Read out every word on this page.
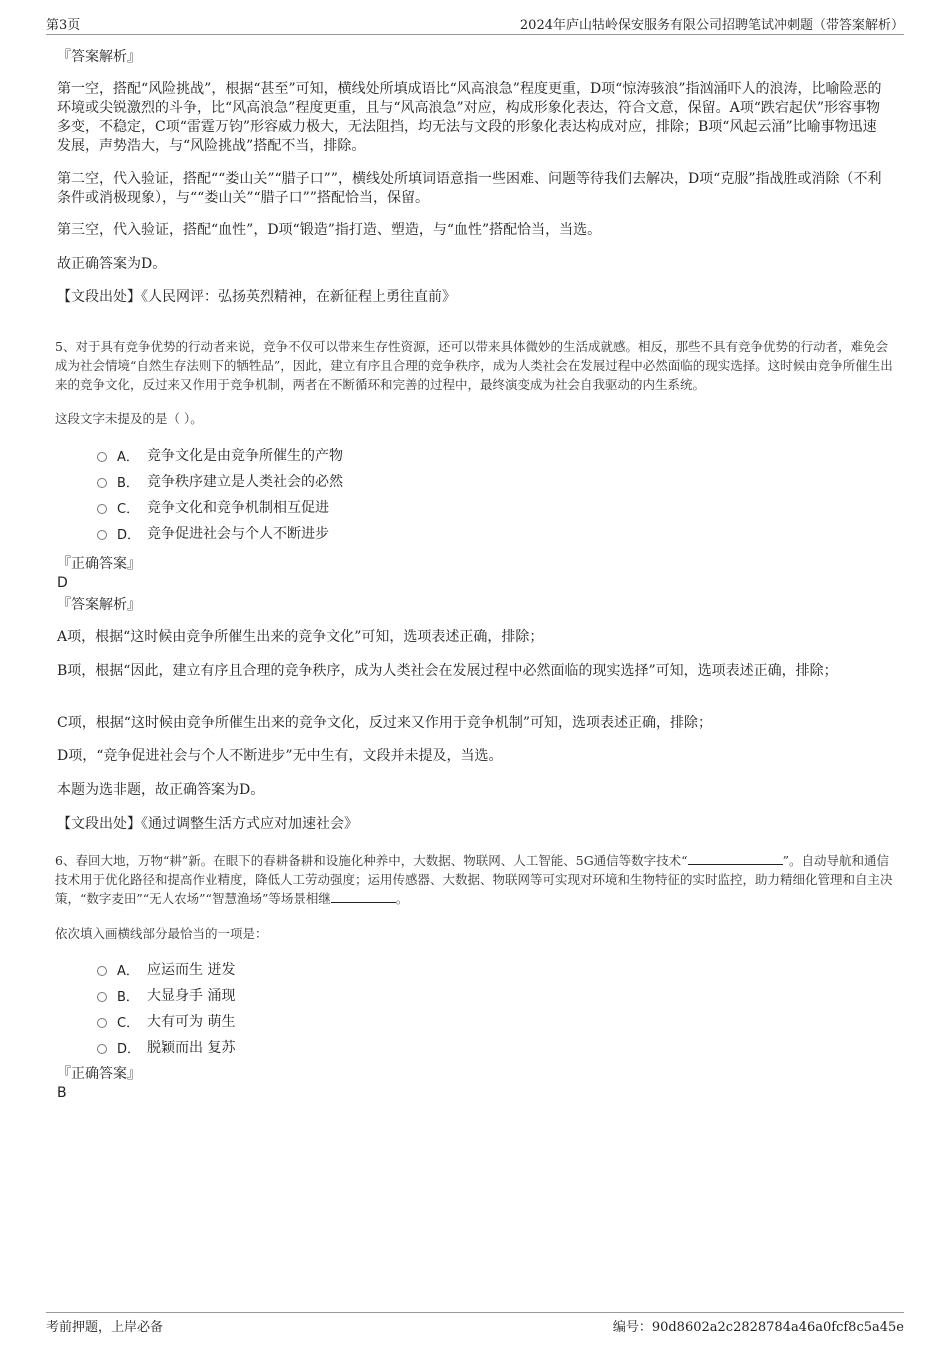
第3页	2024年庐山牯岭保安服务有限公司招聘笔试冲刺题（带答案解析）
『答案解析』
第一空，搭配“风险挑战”，根据“甚至”可知，横线处所填成语比“风高浪急”程度更重，D项“惊涛骇浪”指汹涌吓人的浪涛，比喻险恶的环境或尖锐激烈的斗争，比“风高浪急”程度更重，且与“风高浪急”对应，构成形象化表达，符合文意，保留。A项“跌宕起伏”形容事物多变，不稳定，C项“雷霆万钧”形容威力极大，无法阻挡，均无法与文段的形象化表达构成对应，排除；B项“风起云涌”比喻事物迅速发展，声势浩大，与“风险挑战”搭配不当，排除。
第二空，代入验证，搭配““娄山关”“腊子口””，横线处所填词语意指一些困难、问题等待我们去解决，D项“克服”指战胜或消除（不利条件或消极现象），与““娄山关”“腊子口””搭配恰当，保留。
第三空，代入验证，搭配“血性”，D项“锻造”指打造、塑造，与“血性”搭配恰当，当选。
故正确答案为D。
【文段出处】《人民网评：弘扬英烈精神，在新征程上勇往直前》
5、对于具有竞争优势的行动者来说，竞争不仅可以带来生存性资源，还可以带来具体微妙的生活成就感。相反，那些不具有竞争优势的行动者，难免会成为社会情境“自然生存法则下的牺牲品”，因此，建立有序且合理的竞争秩序，成为人类社会在发展过程中必然面临的现实选择。这时候由竞争所催生出来的竞争文化，反过来又作用于竞争机制，两者在不断循环和完善的过程中，最终演变成为社会自我驱动的内生系统。
这段文字未提及的是（ ）。
A． 竞争文化是由竞争所催生的产物
B． 竞争秩序建立是人类社会的必然
C． 竞争文化和竞争机制相互促进
D． 竞争促进社会与个人不断进步
『正确答案』
D
『答案解析』
A项，根据“这时候由竞争所催生出来的竞争文化”可知，选项表述正确，排除；
B项，根据“因此，建立有序且合理的竞争秩序，成为人类社会在发展过程中必然面临的现实选择”可知，选项表述正确，排除；
C项，根据“这时候由竞争所催生出来的竞争文化，反过来又作用于竞争机制”可知，选项表述正确，排除；
D项，“竞争促进社会与个人不断进步”无中生有，文段并未提及，当选。
本题为选非题，故正确答案为D。
【文段出处】《通过调整生活方式应对加速社会》
6、春回大地，万物“耕”新。在眼下的春耕备耕和设施化种养中，大数据、物联网、人工智能、5G通信等数字技术“	”。自动导航和通信技术用于优化路径和提高作业精度，降低人工劳动强度；运用传感器、大数据、物联网等可实现对环境和生物特征的实时监控，助力精细化管理和自主决策，“数字麦田”“无人农场”“智慧渔场”等场景相继	。
依次填入画横线部分最恰当的一项是：
A． 应运而生 迸发
B． 大显身手 涌现
C． 大有可为 萌生
D． 脱颖而出 复苏
『正确答案』
B
考前押题，上岸必备	编号：90d8602a2c2828784a46a0fcf8c5a45e
